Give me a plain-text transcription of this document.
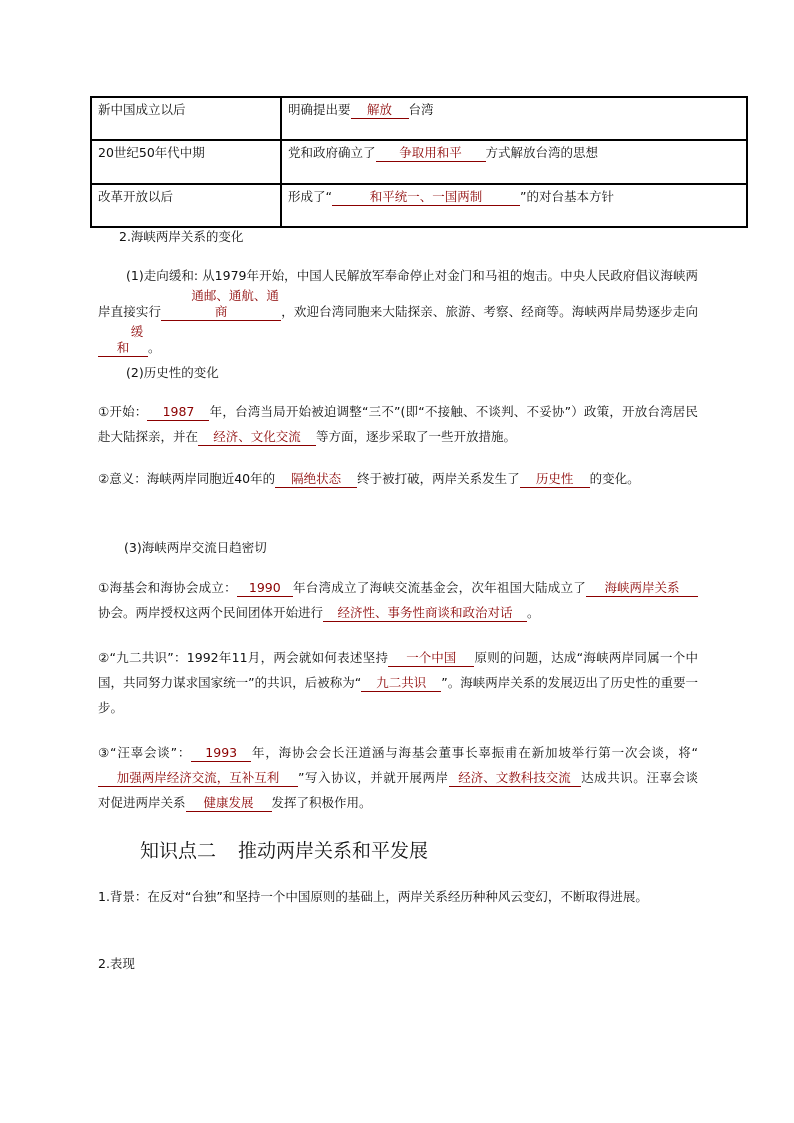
新中国成立以后	明确提出要 解放 台湾
20世纪50年代中期	党和政府确立了 争取用和平 方式解放台湾的思想
改革开放以后	形成了“ 和平统一、一国两制 ”的对台基本方针
2.海峡两岸关系的变化
(1)走向缓和: 从1979年开始，中国人民解放军奉命停止对金门和马祖的炮击。中央人民政府倡议海峡两岸直接实行通邮、通航、通商	，欢迎台湾同胞来大陆探亲、旅游、考察、经商等。海峡两岸局势逐步走向缓和 。
(2)历史性的变化
①开始： 1987 年，台湾当局开始被迫调整“三不”(即“不接触、不谈判、不妥协”）政策，开放台湾居民赴大陆探亲，并在 经济、文化交流 等方面，逐步采取了一些开放措施。
②意义：海峡两岸同胞近40年的 隔绝状态 终于被打破，两岸关系发生了 历史性 的变化。
(3)海峡两岸交流日趋密切
①海基会和海协会成立： 1990 年台湾成立了海峡交流基金会，次年祖国大陆成立了 海峡两岸关系协会。两岸授权这两个民间团体开始进行 经济性、事务性商谈和政治对话 。
②“九二共识”：1992年11月，两会就如何表述坚持 一个中国 原则的问题，达成“海峡两岸同属一个中国，共同努力谋求国家统一”的共识，后被称为“ 九二共识 ”。海峡两岸关系的发展迈出了历史性的重要一步。
③“汪辜会谈”： 1993 年，海协会会长汪道涵与海基会董事长辜振甫在新加坡举行第一次会谈，将“加强两岸经济交流，互补互利 ”写入协议，并就开展两岸 经济、文教科技交流 达成共识。汪辜会谈对促进两岸关系 健康发展 发挥了积极作用。
知识点二 推动两岸关系和平发展
1.背景：在反对“台独”和坚持一个中国原则的基础上，两岸关系经历种种风云变幻，不断取得进展。
2.表现
